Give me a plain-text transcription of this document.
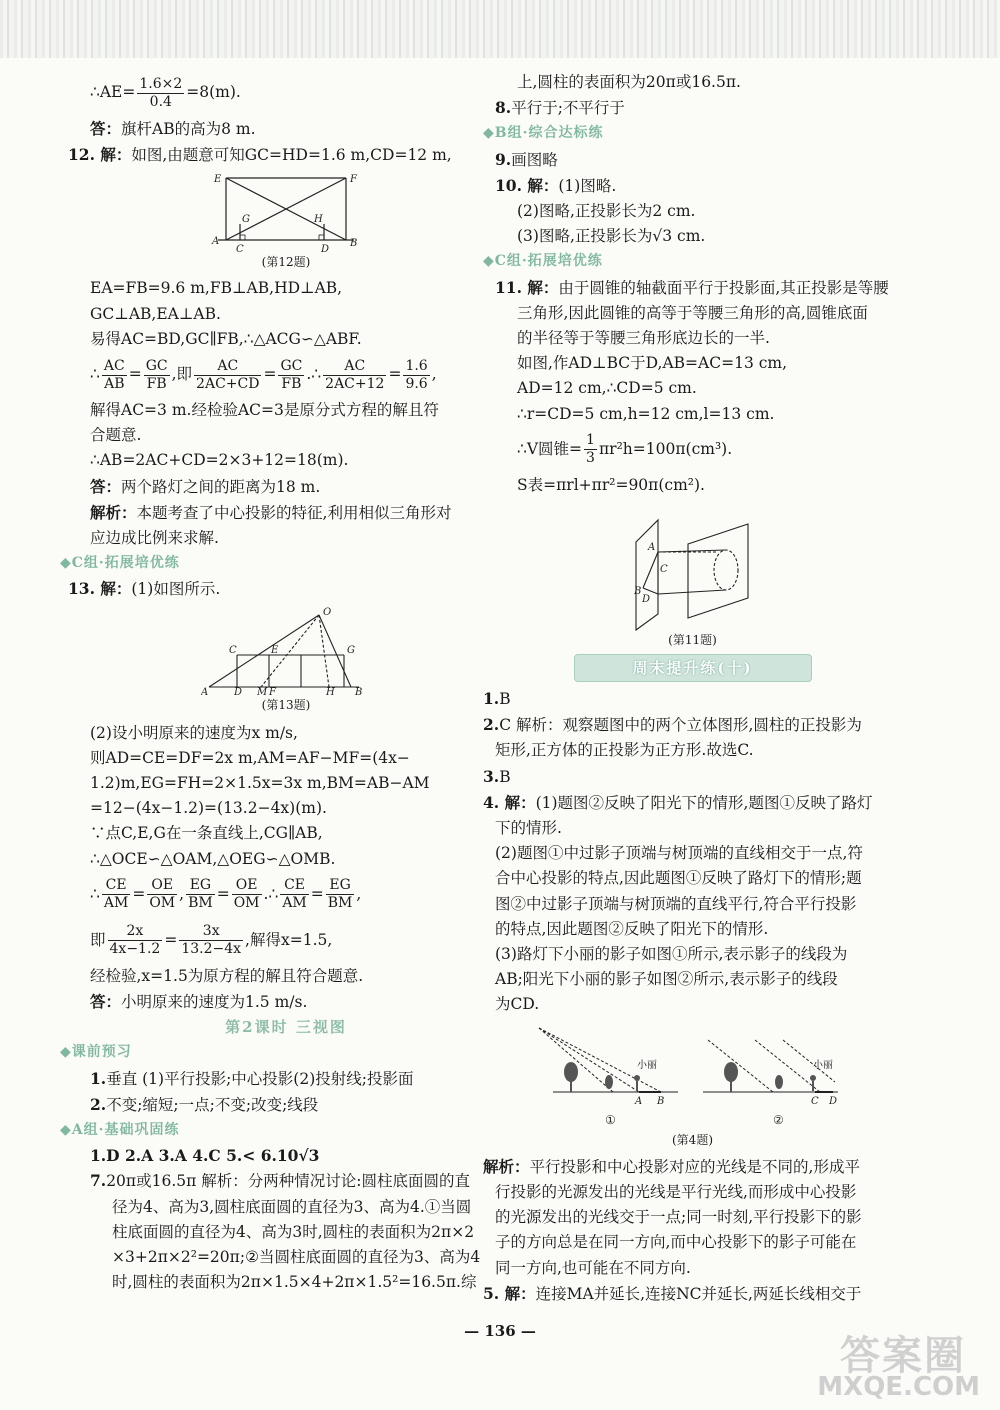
∴AE= $\frac{1.6\times 2}{0.4} =8(m)$.
答：旗杆AB的高为8 m.
12. 解：如图,由题意可知GC=HD=1.6 m,CD=12 m,
E	F
G	H
A
C	D
B
(第12题)
EA=FB=9.6 m,FB⊥AB,HD⊥AB,
GC⊥AB,EA⊥AB.
易得AC=BD,GC∥FB,∴△ACG∽△ABF.
∴ $\frac{AC}{AB} = \frac{GC}{FB}$ ,即 $\frac{AC}{2AC+CD} = \frac{GC}{FB}$ .∴ $\frac{AC}{2AC+12} = \frac{1.6}{9.6}$ ,
解得AC=3 m.经检验AC=3是原分式方程的解且符
合题意.
∴AB=2AC+CD=2×3+12=18(m).
答：两个路灯之间的距离为18 m.
解析：本题考查了中心投影的特征,利用相似三角形对
应边成比例来求解.
◆C组·拓展培优练
13. 解：(1)如图所示.
O
C	E	G
A	D M F	H B
(第13题)
(2)设小明原来的速度为x m/s,
则AD=CE=DF=2x m,AM=AF−MF=(4x−
1.2)m,EG=FH=2×1.5x=3x m,BM=AB−AM
=12−(4x−1.2)=(13.2−4x)(m).
∵点C,E,G在一条直线上,CG∥AB,
∴△OCE∽△OAM,△OEG∽△OMB.
∴ $\frac{CE}{AM} = \frac{OE}{OM}$ , $\frac{EG}{BM} = \frac{OE}{OM}$ .∴ $\frac{CE}{AM} = \frac{EG}{BM}$ ,
即 $\frac{2x}{4x-1.2} = \frac{3x}{13.2-4x}$ ,解得x=1.5,
经检验,x=1.5为原方程的解且符合题意.
答：小明原来的速度为1.5 m/s.
第2课时 三视图
◆课前预习
1.垂直 (1)平行投影;中心投影(2)投射线;投影面
2.不变;缩短;一点;不变;改变;线段
◆A组·基础巩固练
1.D 2.A 3.A 4.C 5.< 6.10√3
7.20π或16.5π 解析：分两种情况讨论:圆柱底面圆的直
径为4、高为3,圆柱底面圆的直径为3、高为4.①当圆
柱底面圆的直径为4、高为3时,圆柱的表面积为2π×2
×3+2π×2²=20π;②当圆柱底面圆的直径为3、高为4
时,圆柱的表面积为2π×1.5×4+2π×1.5²=16.5π.综
上,圆柱的表面积为20π或16.5π.
8.平行于;不平行于
◆B组·综合达标练
9.画图略
10. 解：(1)图略.
(2)图略,正投影长为2 cm.
(3)图略,正投影长为√3 cm.
◆C组·拓展培优练
11. 解：由于圆锥的轴截面平行于投影面,其正投影是等腰
三角形,因此圆锥的高等于等腰三角形的高,圆锥底面
的半径等于等腰三角形底边长的一半.
如图,作AD⊥BC于D,AB=AC=13 cm,
AD=12 cm,∴CD=5 cm.
∴r=CD=5 cm,h=12 cm,l=13 cm.
∴V圆锥= $\frac{1}{3} \pi r^2h=100\pi(cm^3)$.
S表=πrl+πr²=90π(cm²).
A
B
D
C
(第11题)
周末提升练(十)
1.B
2.C 解析：观察题图中的两个立体图形,圆柱的正投影为
矩形,正方体的正投影为正方形.故选C.
3.B
4. 解：(1)题图②反映了阳光下的情形,题图①反映了路灯
下的情形.
(2)题图①中过影子顶端与树顶端的直线相交于一点,符
合中心投影的特点,因此题图①反映了路灯下的情形;题
图②中过影子顶端与树顶端的直线平行,符合平行投影
的特点,因此题图②反映了阳光下的情形.
(3)路灯下小丽的影子如图①所示,表示影子的线段为
AB;阳光下小丽的影子如图②所示,表示影子的线段
为CD.
小丽	小丽
A B	C D
①	②
(第4题)
解析：平行投影和中心投影对应的光线是不同的,形成平
行投影的光源发出的光线是平行光线,而形成中心投影
的光源发出的光线交于一点;同一时刻,平行投影下的影
子的方向总是在同一方向,而中心投影下的影子可能在
同一方向,也可能在不同方向.
5. 解：连接MA并延长,连接NC并延长,两延长线相交于
— 136 —
答案圈
MXQE.COM
